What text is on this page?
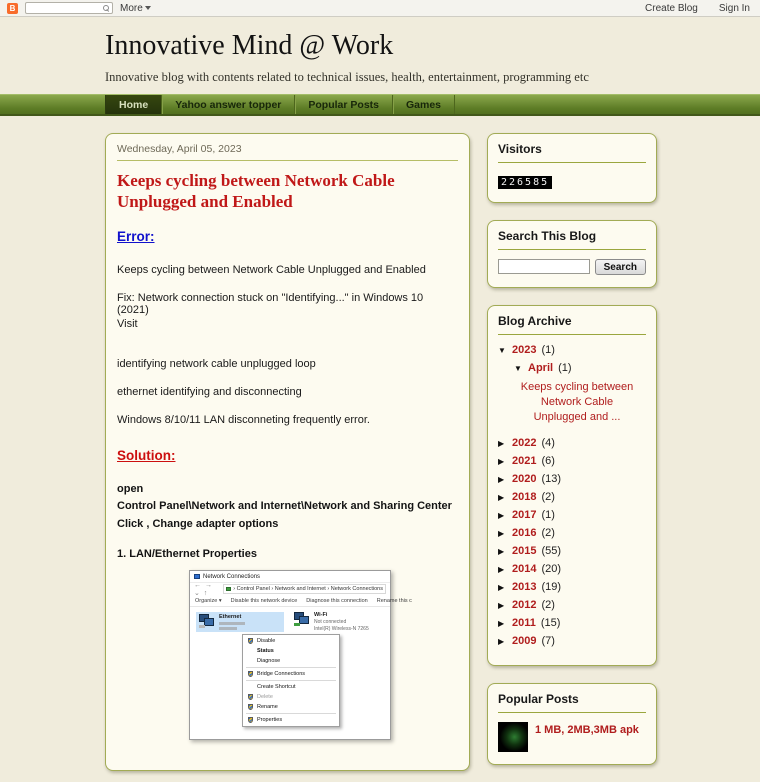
B	More	Create Blog Sign In
Innovative Mind @ Work
Innovative blog with contents related to technical issues, health, entertainment, programming etc
Home	Yahoo answer topper	Popular Posts	Games
Wednesday, April 05, 2023
Keeps cycling between Network Cable Unplugged and Enabled
Error:
Keeps cycling between Network Cable Unplugged and Enabled
Fix: Network connection stuck on "Identifying..." in Windows 10 (2021)
Visit
identifying network cable unplugged loop
ethernet identifying and disconnecting
Windows 8/10/11 LAN disconneting frequently error.
Solution:
open
Control Panel\Network and Internet\Network and Sharing Center
Click , Change adapter options
1. LAN/Ethernet Properties
Network Connections
← → ⌄ ↑
› Control Panel › Network and Internet › Network Connections
Organize ▾ Disable this network device Diagnose this connection Rename this c
Ethernet	Wi-Fi
Not connected
Intel(R) Wireless-N 7265
Disable
Status
Diagnose
Bridge Connections
Create Shortcut
Delete
Rename
Properties
Visitors
226585
Search This Blog
Search
Blog Archive
▼
2023 (1)
▼
April (1)
Keeps cycling between Network Cable Unplugged and ...
▶
2022 (4)
▶
2021 (6)
▶
2020 (13)
▶
2018 (2)
▶
2017 (1)
▶
2016 (2)
▶
2015 (55)
▶
2014 (20)
▶
2013 (19)
▶
2012 (2)
▶
2011 (15)
▶
2009 (7)
Popular Posts
1 MB, 2MB,3MB apk
